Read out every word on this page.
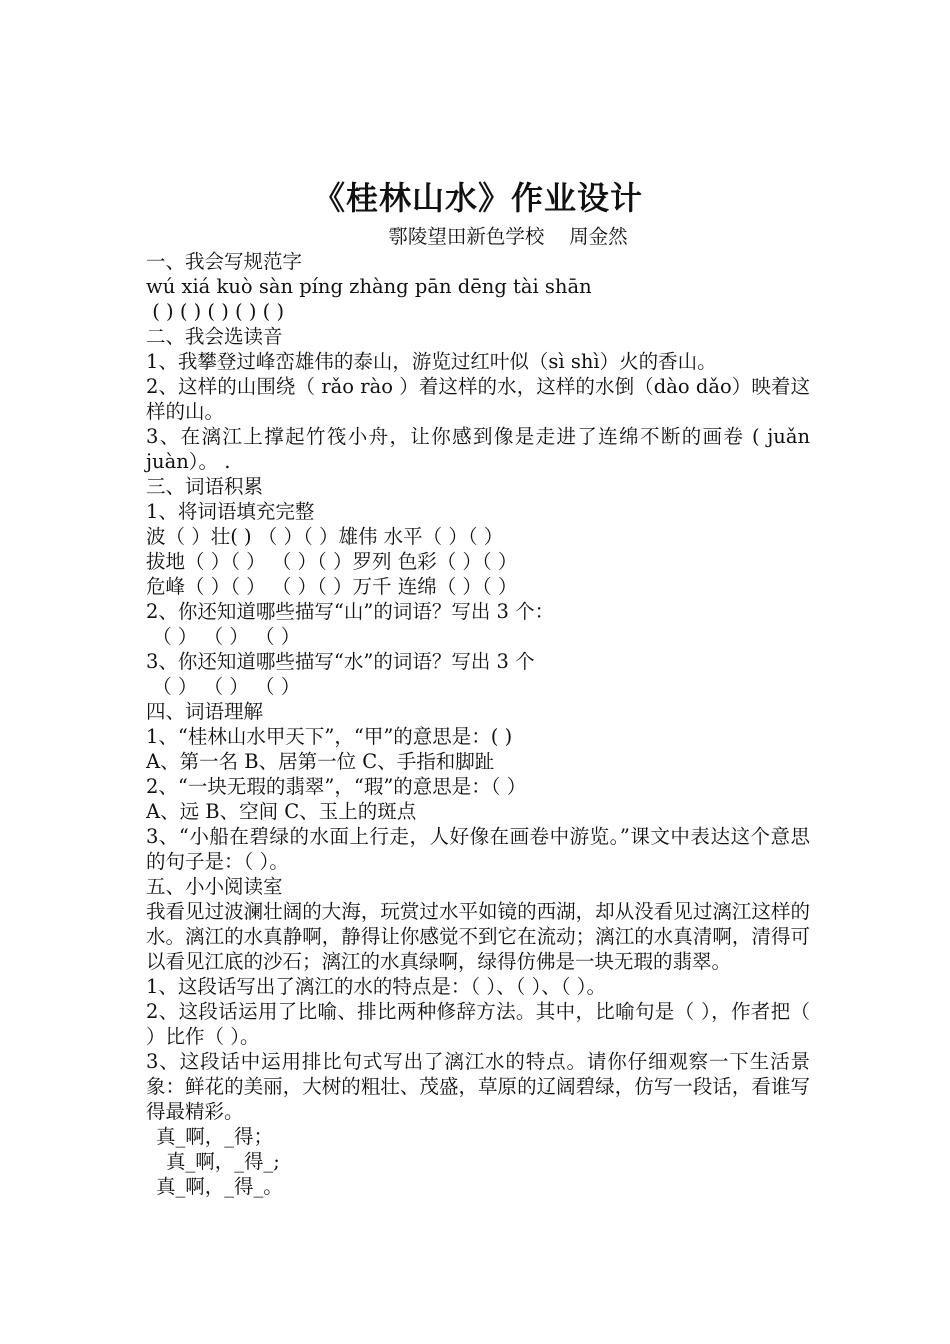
《桂林山水》作业设计

鄠陵望田新色学校    周金然

一、我会写规范字

wú xiá kuò sàn píng zhàng pān dēng tài shān

( ) ( ) ( ) ( ) ( )

二、我会选读音

1、我攀登过峰峦雄伟的泰山，游览过红叶似（sì shì）火的香山。

2、这样的山围绕（ rǎo rào ）着这样的水，这样的水倒（dào dǎo）映着这样的山。

3、在漓江上撑起竹筏小舟，让你感到像是走进了连绵不断的画卷 ( juǎn juàn）。 .

三、词语积累

1、将词语填充完整

波（ ）壮( ) （ ）（ ）雄伟 水平（ ）（ ）

拔地（ ）（ ） （ ）（ ）罗列 色彩（ ）（ ）

危峰（ ）（ ） （ ）（ ）万千 连绵（ ）（ ）

2、你还知道哪些描写“山”的词语？写出 3 个：

（ ） （ ） （ ）

3、你还知道哪些描写“水”的词语？写出 3 个

（ ） （ ） （ ）

四、词语理解

1、“桂林山水甲天下”，“甲”的意思是：( )

A、第一名 B、居第一位 C、手指和脚趾

2、“一块无瑕的翡翠”，“瑕”的意思是：（ ）

A、远 B、空间 C、玉上的斑点

3、“小船在碧绿的水面上行走，人好像在画卷中游览。”课文中表达这个意思的句子是：（ ）。

五、小小阅读室

我看见过波澜壮阔的大海，玩赏过水平如镜的西湖，却从没看见过漓江这样的水。漓江的水真静啊，静得让你感觉不到它在流动；漓江的水真清啊，清得可以看见江底的沙石；漓江的水真绿啊，绿得仿佛是一块无瑕的翡翠。

1、这段话写出了漓江的水的特点是：（ ）、（ ）、（ ）。

2、这段话运用了比喻、排比两种修辞方法。其中，比喻句是（ ），作者把（ ）比作（ ）。

3、这段话中运用排比句式写出了漓江水的特点。请你仔细观察一下生活景象：鲜花的美丽，大树的粗壮、茂盛，草原的辽阔碧绿，仿写一段话，看谁写得最精彩。

真_啊，_得；

真_啊，_得_;

真_啊，_得_。
